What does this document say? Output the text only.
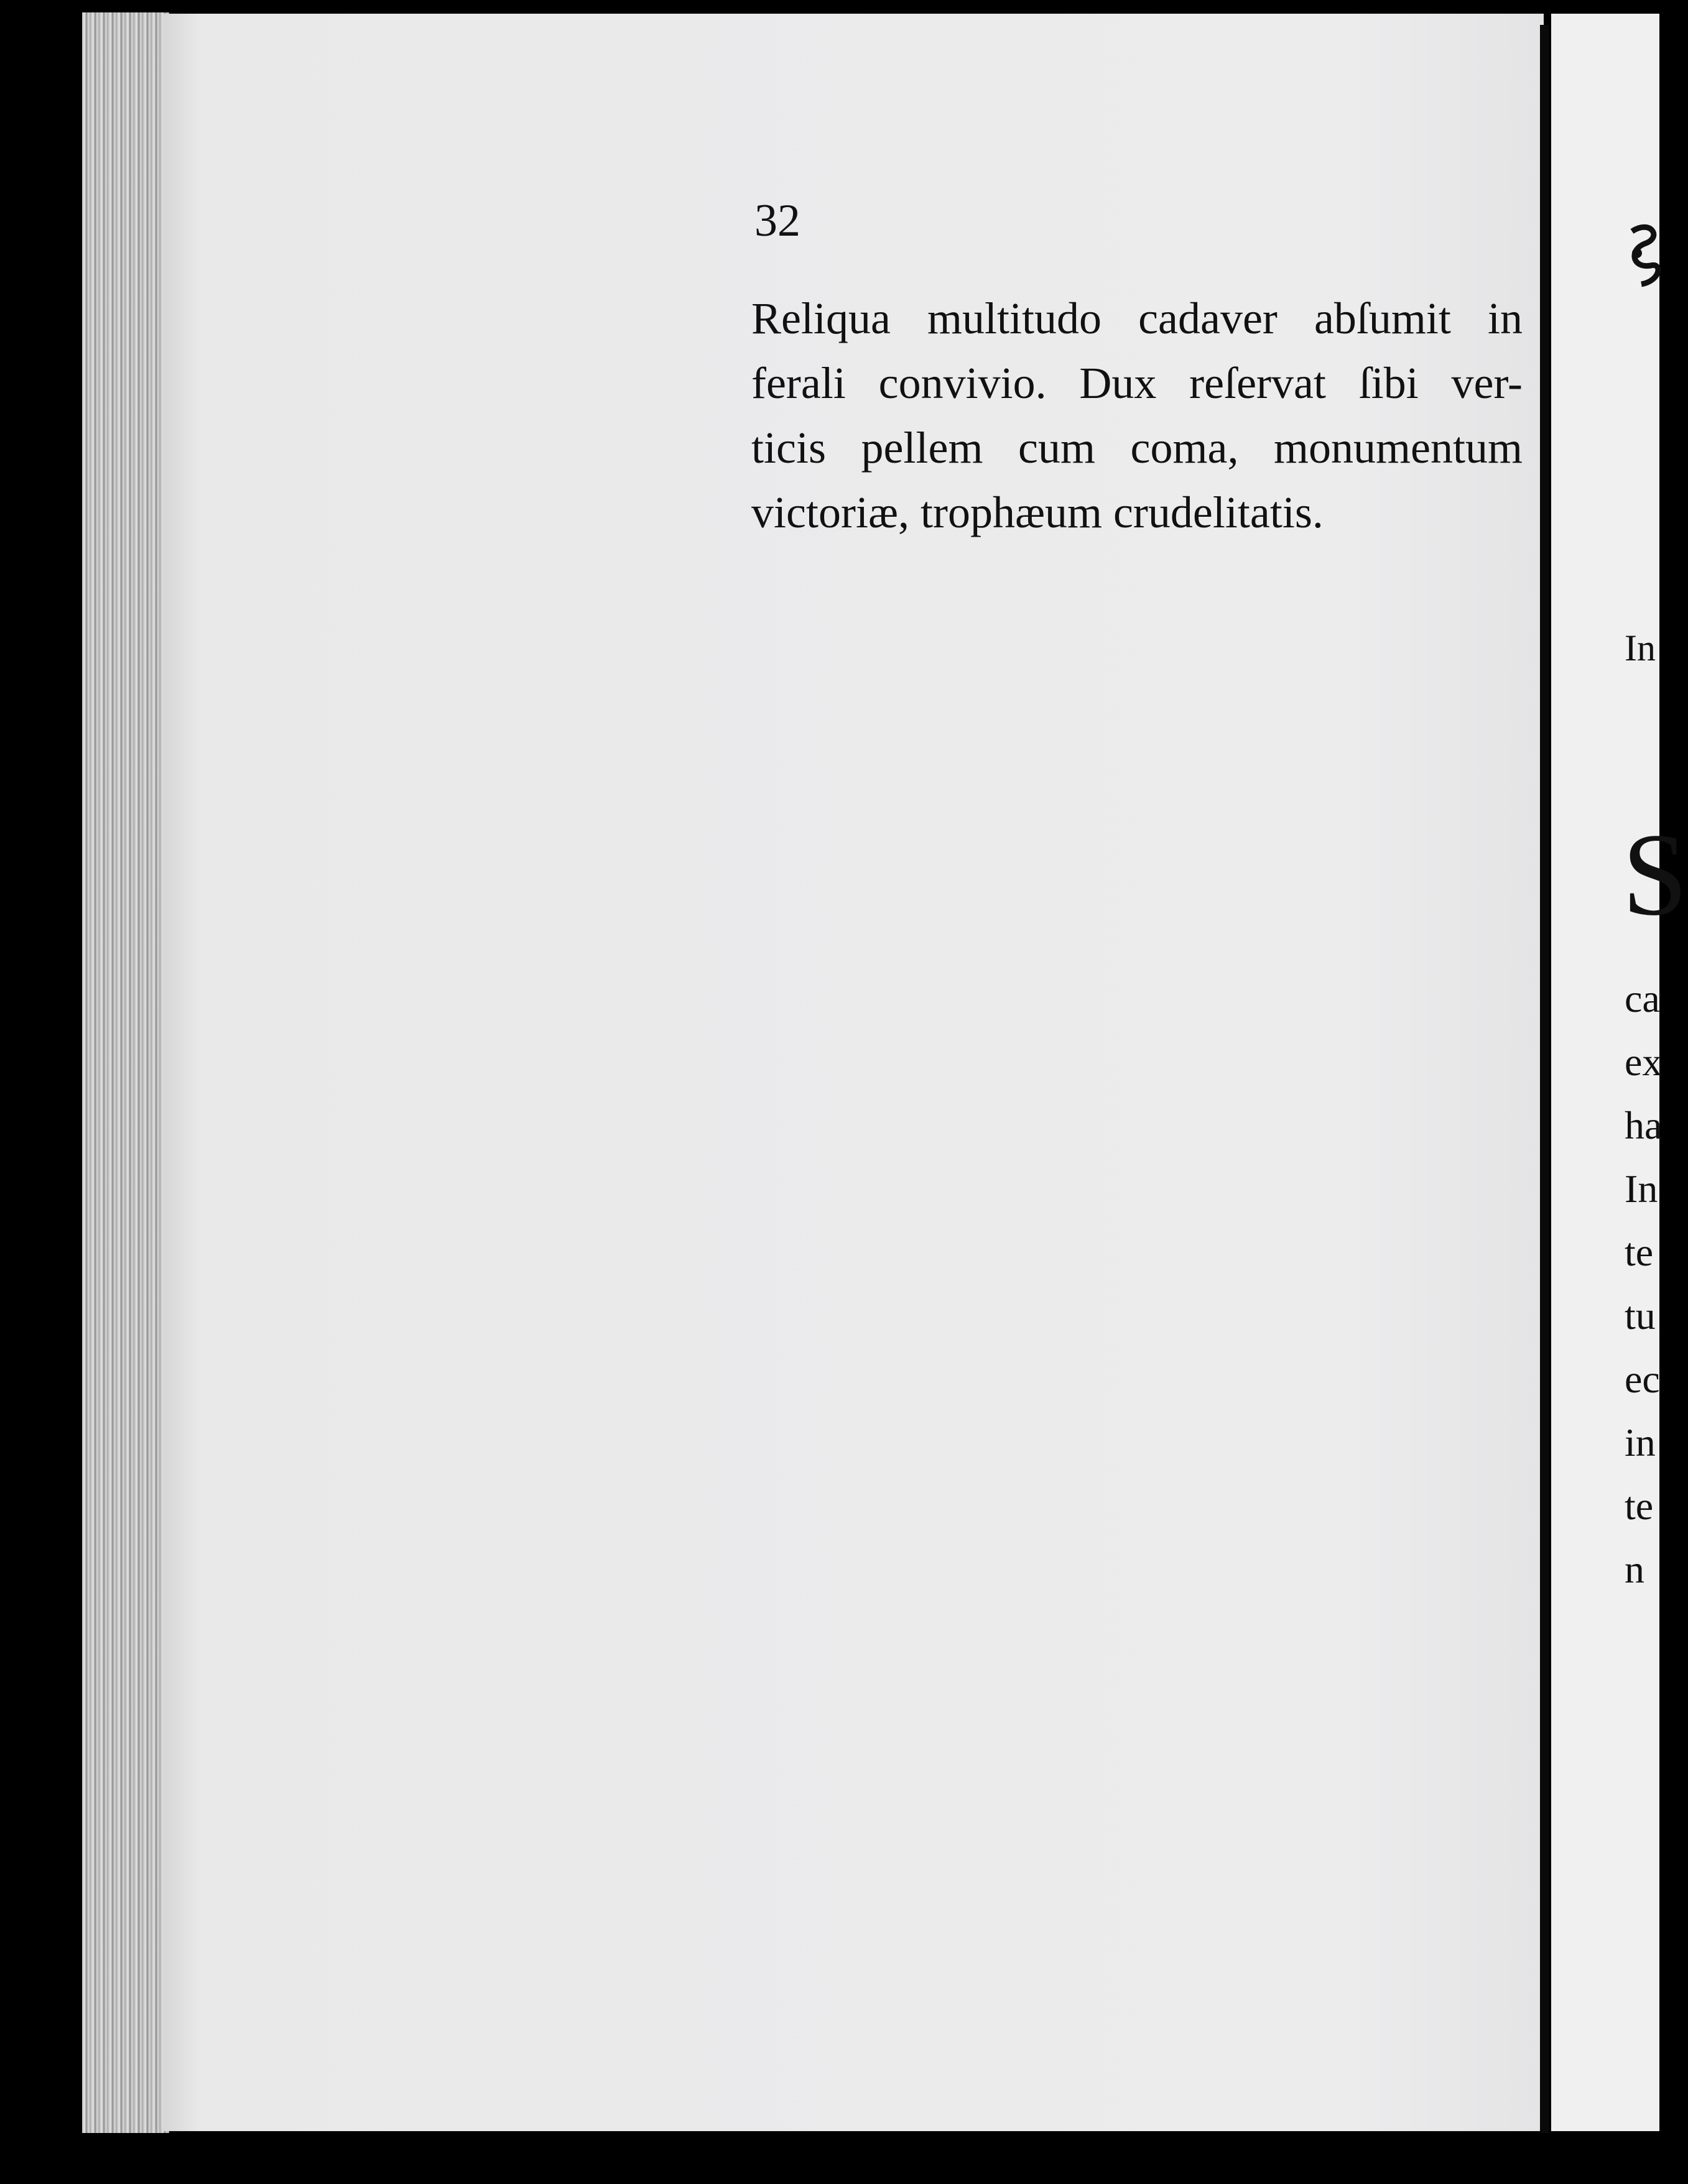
32

Reliqua multitudo cadaver abſumit in
ferali convivio. Dux reſervat ſibi ver-
ticis pellem cum coma, monumentum
victoriæ, trophæum crudelitatis.
In
S
ca
ex
ha
In
te
tu
ec
in
te
n
